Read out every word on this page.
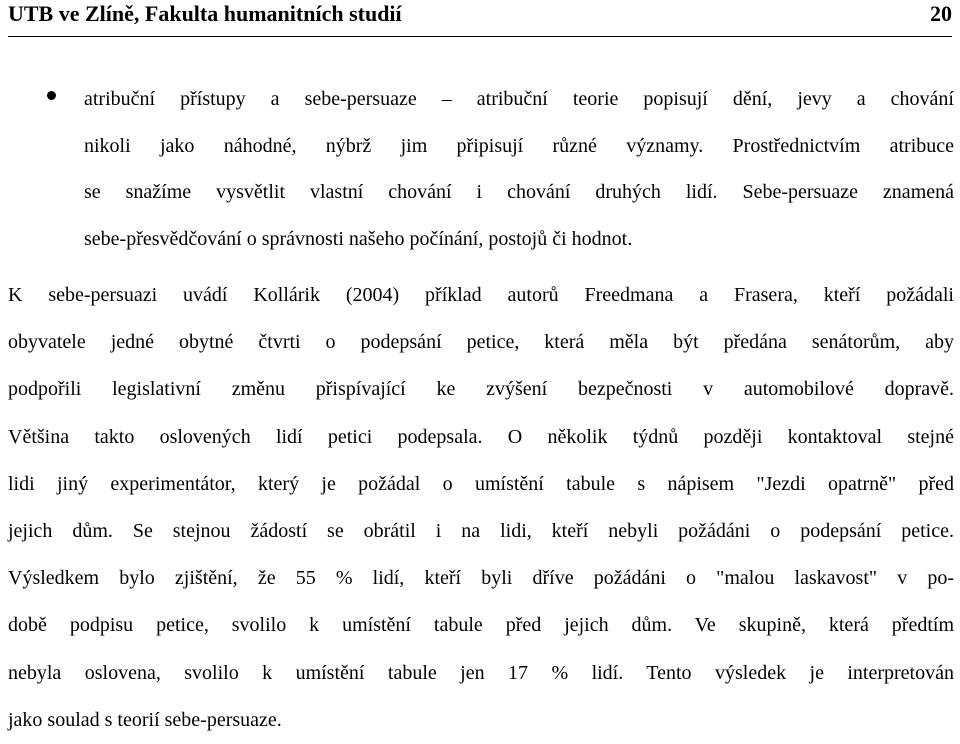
UTB ve Zlíně, Fakulta humanitních studií	20
atribuční přístupy a sebe-persuaze – atribuční teorie popisují dění, jevy a chování
nikoli jako náhodné, nýbrž jim připisují různé významy. Prostřednictvím atribuce
se snažíme vysvětlit vlastní chování i chování druhých lidí. Sebe-persuaze znamená
sebe-přesvědčování o správnosti našeho počínání, postojů či hodnot.
K sebe-persuazi uvádí Kollárik (2004) příklad autorů Freedmana a Frasera, kteří požádali
obyvatele jedné obytné čtvrti o podepsání petice, která měla být předána senátorům, aby
podpořili legislativní změnu přispívající ke zvýšení bezpečnosti v automobilové dopravě.
Většina takto oslovených lidí petici podepsala. O několik týdnů později kontaktoval stejné
lidi jiný experimentátor, který je požádal o umístění tabule s nápisem "Jezdi opatrně" před
jejich dům. Se stejnou žádostí se obrátil i na lidi, kteří nebyli požádáni o podepsání petice.
Výsledkem bylo zjištění, že 55 % lidí, kteří byli dříve požádáni o "malou laskavost" v po-
době podpisu petice, svolilo k umístění tabule před jejich dům. Ve skupině, která předtím
nebyla oslovena, svolilo k umístění tabule jen 17 % lidí. Tento výsledek je interpretován
jako soulad s teorií sebe-persuaze.
